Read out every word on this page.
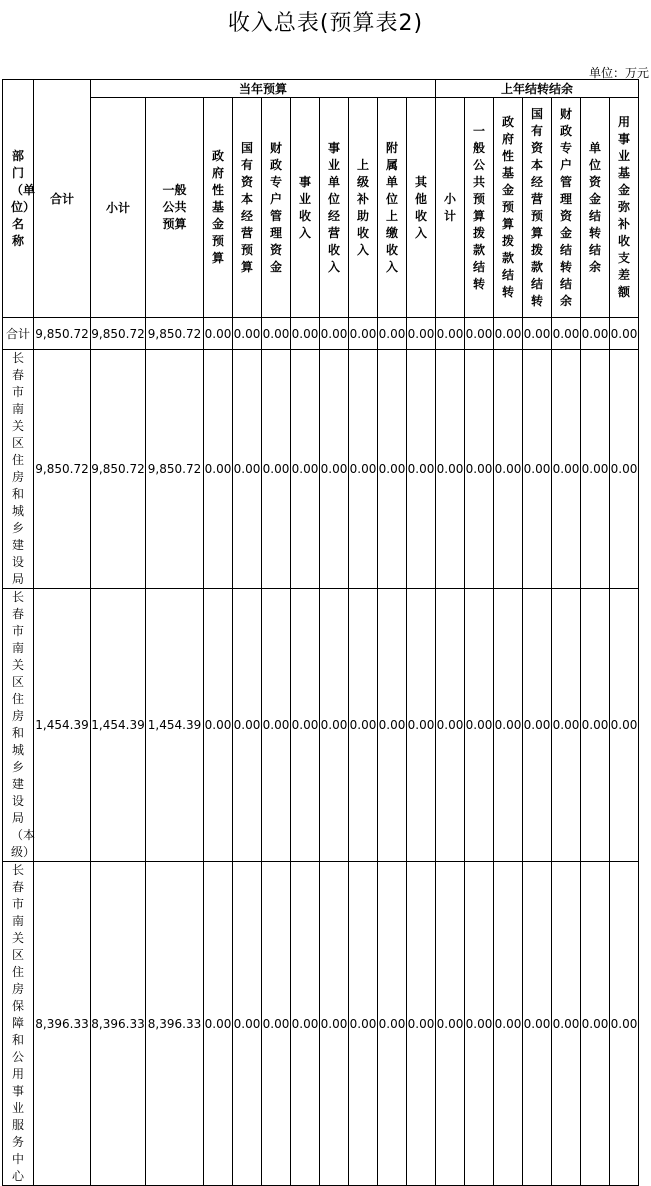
收入总表(预算表2)
单位：万元
部门（单位）名称	合计	当年预算										上年结转结余						
		小计	一般公共预算	政府性基金预算	国有资本经营预算	财政专户管理资金	事业收入	事业单位经营收入	上级补助收入	附属单位上缴收入	其他收入	小计	一般公共预算拨款结转	政府性基金预算拨款结转	国有资本经营预算拨款结转	财政专户管理资金结转结余	单位资金结转结余	用事业基金弥补收支差额

合计	9,850.72	9,850.72	9,850.72	0.00	0.00	0.00	0.00	0.00	0.00	0.00	0.00	0.00	0.00	0.00	0.00	0.00	0.00	0.00

长春市南关区住房和城乡建设局	9,850.72	9,850.72	9,850.72	0.00	0.00	0.00	0.00	0.00	0.00	0.00	0.00	0.00	0.00	0.00	0.00	0.00	0.00	0.00

长春市南关区住房和城乡建设局（本级）	1,454.39	1,454.39	1,454.39	0.00	0.00	0.00	0.00	0.00	0.00	0.00	0.00	0.00	0.00	0.00	0.00	0.00	0.00	0.00

长春市南关区住房保障和公用事业服务中心	8,396.33	8,396.33	8,396.33	0.00	0.00	0.00	0.00	0.00	0.00	0.00	0.00	0.00	0.00	0.00	0.00	0.00	0.00	0.00
